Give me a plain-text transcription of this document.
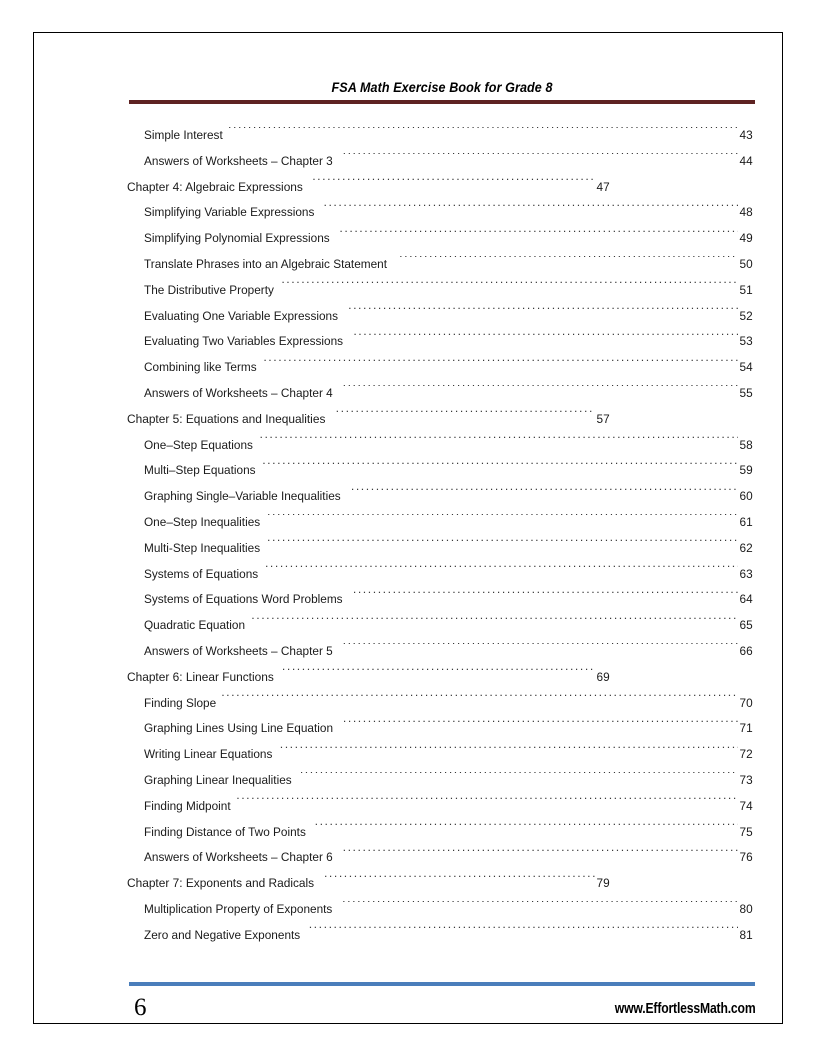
FSA Math Exercise Book for Grade 8
Simple Interest .....	43
Answers of Worksheets – Chapter 3 .....	44
Chapter 4: Algebraic Expressions .....	47
Simplifying Variable Expressions .....	48
Simplifying Polynomial Expressions .....	49
Translate Phrases into an Algebraic Statement .....	50
The Distributive Property .....	51
Evaluating One Variable Expressions .....	52
Evaluating Two Variables Expressions .....	53
Combining like Terms .....	54
Answers of Worksheets – Chapter 4 .....	55
Chapter 5: Equations and Inequalities .....	57
One–Step Equations .....	58
Multi–Step Equations .....	59
Graphing Single–Variable Inequalities .....	60
One–Step Inequalities .....	61
Multi-Step Inequalities .....	62
Systems of Equations .....	63
Systems of Equations Word Problems .....	64
Quadratic Equation .....	65
Answers of Worksheets – Chapter 5 .....	66
Chapter 6: Linear Functions .....	69
Finding Slope .....	70
Graphing Lines Using Line Equation .....	71
Writing Linear Equations .....	72
Graphing Linear Inequalities .....	73
Finding Midpoint .....	74
Finding Distance of Two Points .....	75
Answers of Worksheets – Chapter 6 .....	76
Chapter 7: Exponents and Radicals .....	79
Multiplication Property of Exponents .....	80
Zero and Negative Exponents .....	81
6	www.EffortlessMath.com
